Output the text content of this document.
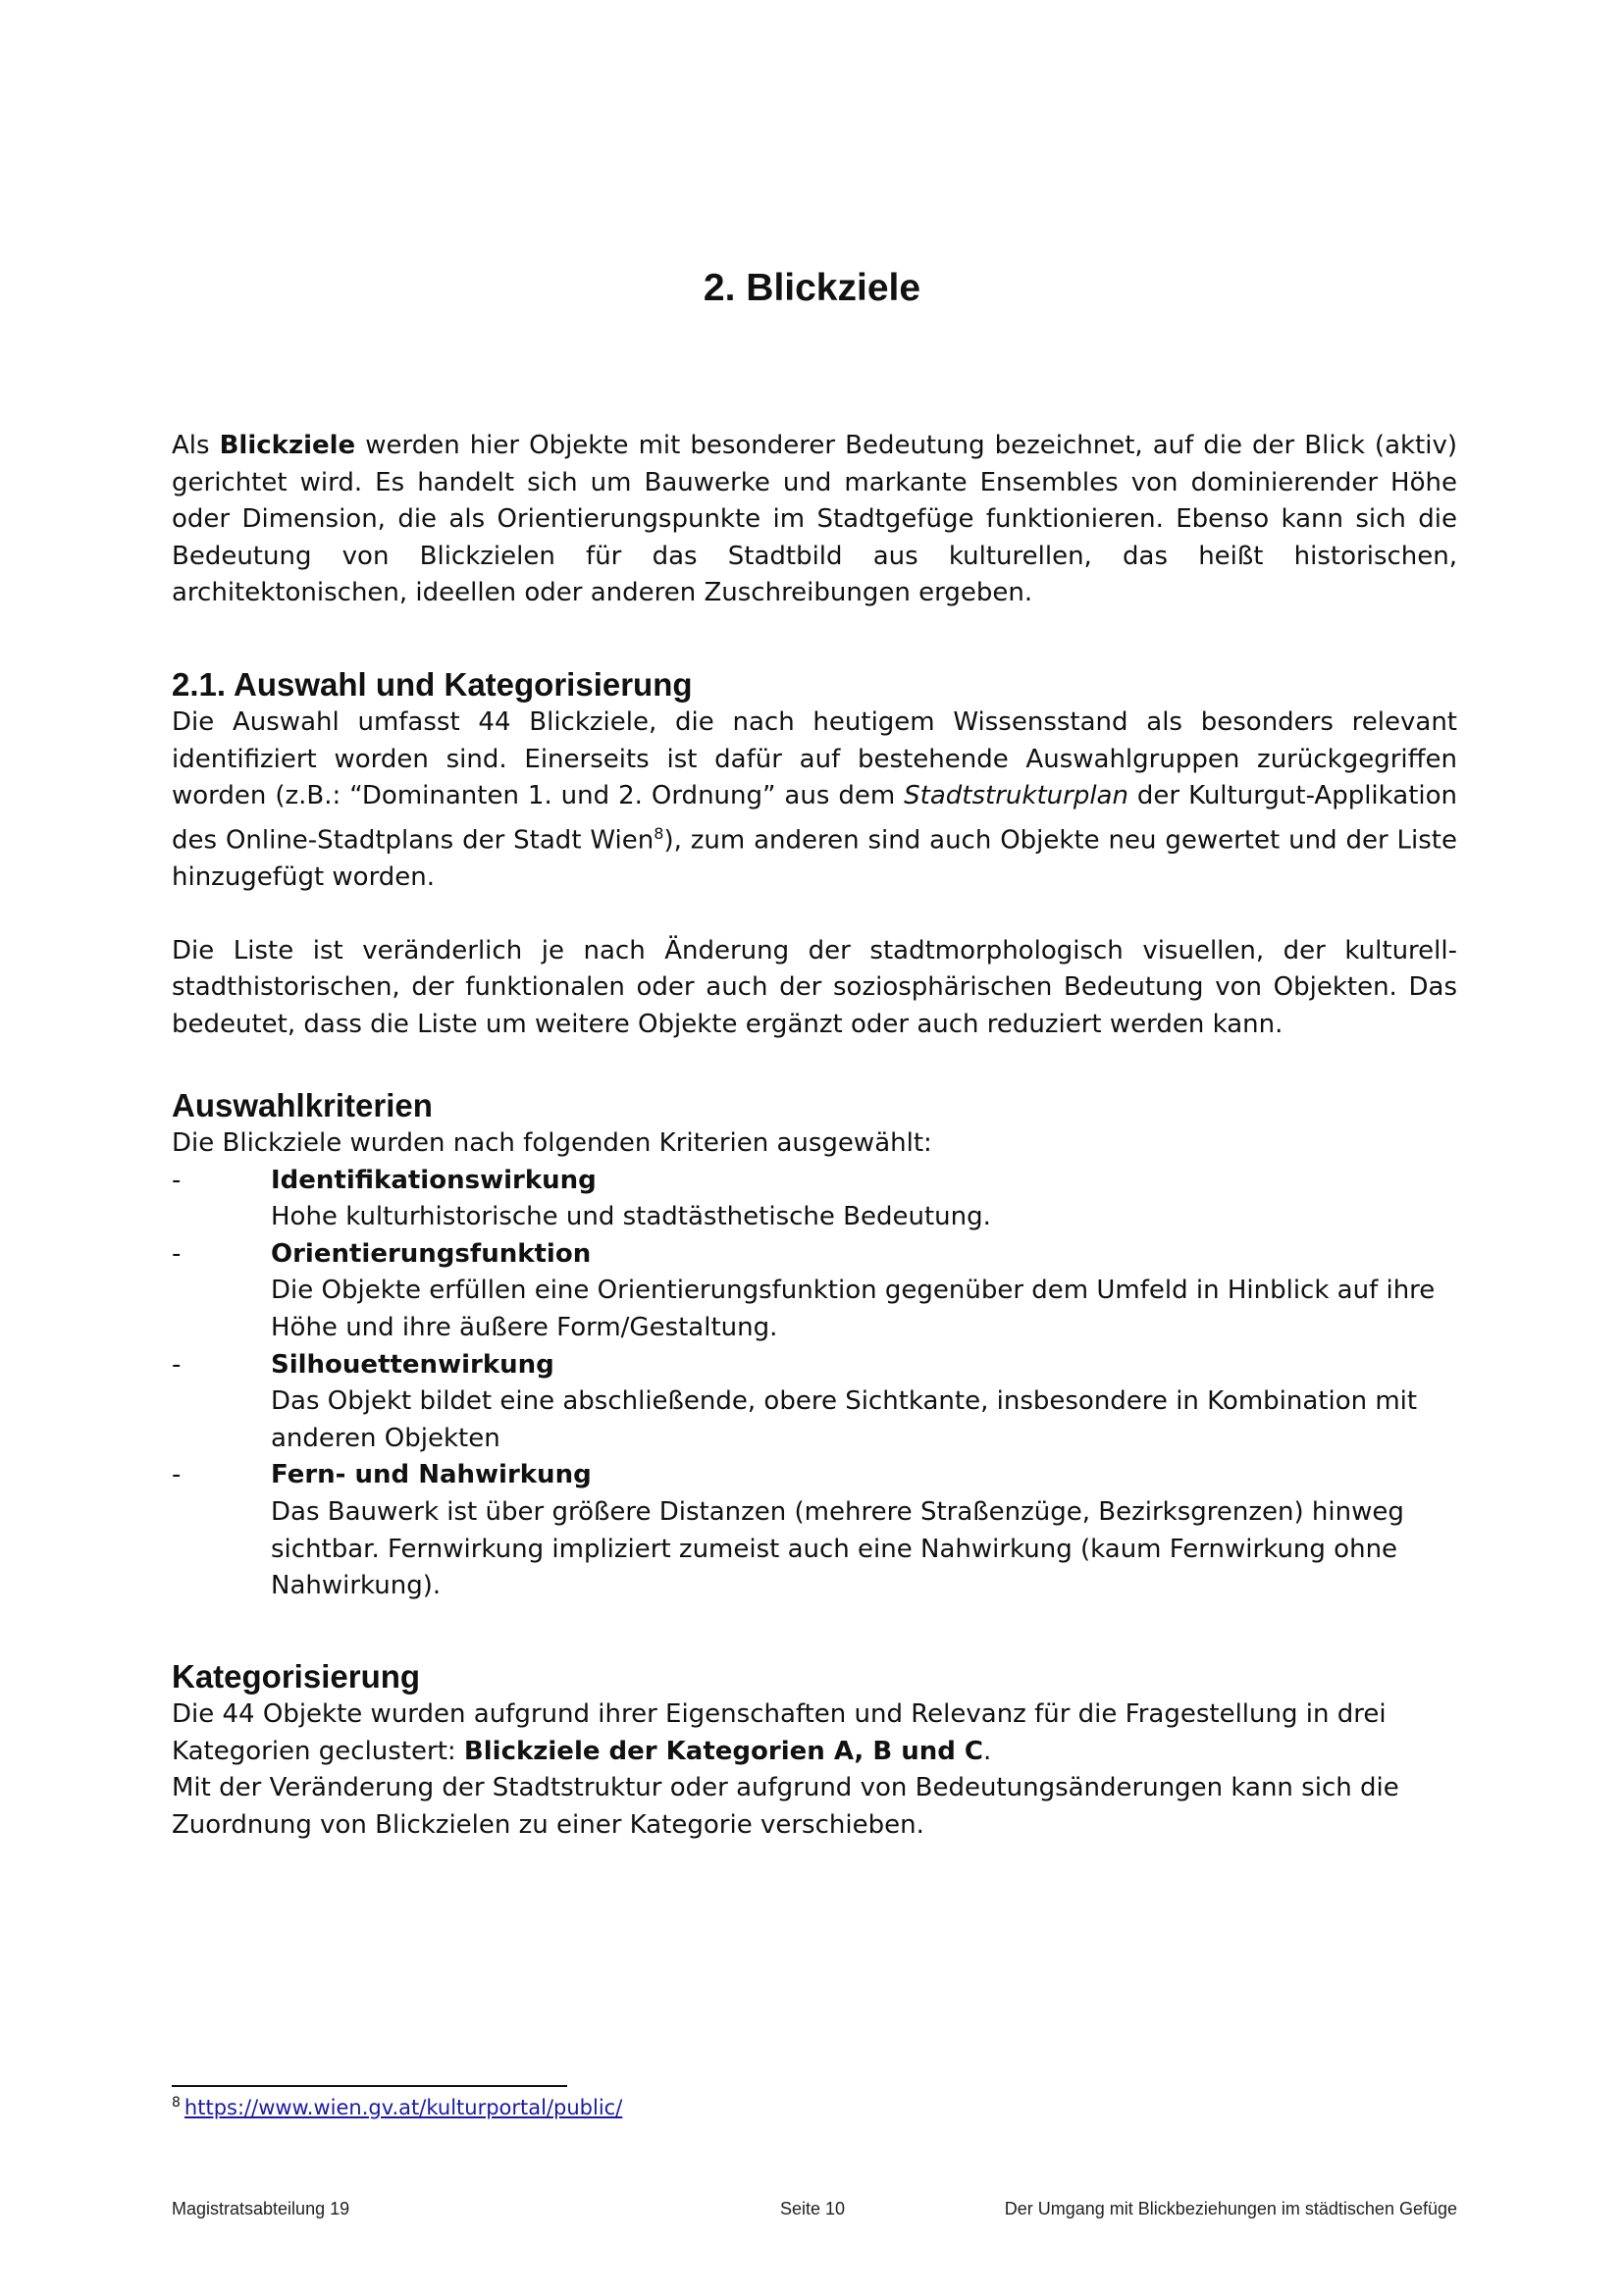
2. Blickziele

Als Blickziele werden hier Objekte mit besonderer Bedeutung bezeichnet, auf die der Blick (aktiv) gerichtet wird. Es handelt sich um Bauwerke und markante Ensembles von dominierender Höhe oder Dimension, die als Orientierungspunkte im Stadtgefüge funktionieren. Ebenso kann sich die Bedeutung von Blickzielen für das Stadtbild aus kulturellen, das heißt historischen, architektonischen, ideellen oder anderen Zuschreibungen ergeben.

2.1. Auswahl und Kategorisierung

Die Auswahl umfasst 44 Blickziele, die nach heutigem Wissensstand als besonders relevant identifiziert worden sind. Einerseits ist dafür auf bestehende Auswahlgruppen zurückgegriffen worden (z.B.: “Dominanten 1. und 2. Ordnung” aus dem Stadtstrukturplan der Kulturgut-Applikation des Online-Stadtplans der Stadt Wien$^8$), zum anderen sind auch Objekte neu gewertet und der Liste hinzugefügt worden.

Die Liste ist veränderlich je nach Änderung der stadtmorphologisch visuellen, der kulturell-stadthistorischen, der funktionalen oder auch der soziosphärischen Bedeutung von Objekten. Das bedeutet, dass die Liste um weitere Objekte ergänzt oder auch reduziert werden kann.

Auswahlkriterien

Die Blickziele wurden nach folgenden Kriterien ausgewählt:

-	Identifikationswirkung
Hohe kulturhistorische und stadtästhetische Bedeutung.
-	Orientierungsfunktion
Die Objekte erfüllen eine Orientierungsfunktion gegenüber dem Umfeld in Hinblick auf ihre Höhe und ihre äußere Form/Gestaltung.
-	Silhouettenwirkung
Das Objekt bildet eine abschließende, obere Sichtkante, insbesondere in Kombination mit anderen Objekten
-	Fern- und Nahwirkung
Das Bauwerk ist über größere Distanzen (mehrere Straßenzüge, Bezirksgrenzen) hinweg sichtbar. Fernwirkung impliziert zumeist auch eine Nahwirkung (kaum Fernwirkung ohne Nahwirkung).
Kategorisierung

Die 44 Objekte wurden aufgrund ihrer Eigenschaften und Relevanz für die Fragestellung in drei Kategorien geclustert: Blickziele der Kategorien A, B und C.

Mit der Veränderung der Stadtstruktur oder aufgrund von Bedeutungsänderungen kann sich die Zuordnung von Blickzielen zu einer Kategorie verschieben.

$^8$ https://www.wien.gv.at/kulturportal/public/
Magistratsabteilung 19	Seite 10	Der Umgang mit Blickbeziehungen im städtischen Gefüge
